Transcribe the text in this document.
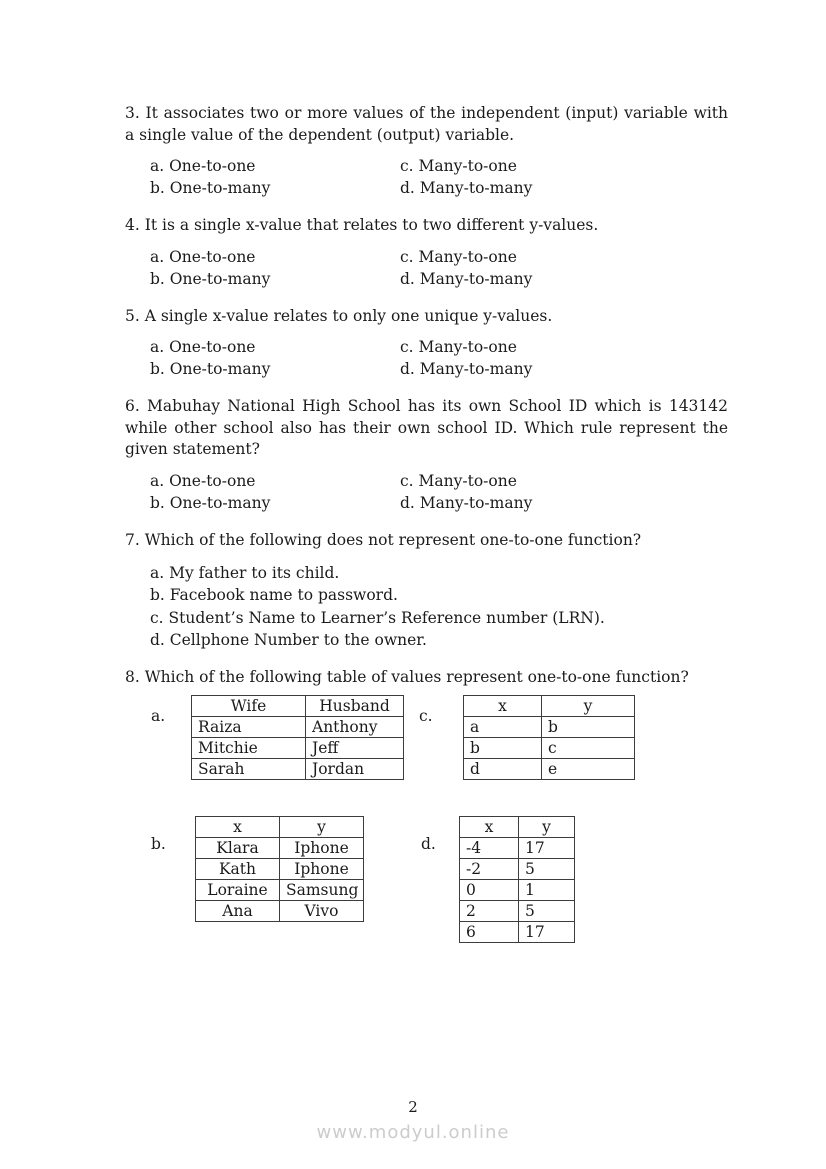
3. It associates two or more values of the independent (input) variable with a single value of the dependent (output) variable.

a. One-to-one	c. Many-to-one
b. One-to-many	d. Many-to-many

4. It is a single x-value that relates to two different y-values.

a. One-to-one	c. Many-to-one
b. One-to-many	d. Many-to-many

5. A single x-value relates to only one unique y-values.

a. One-to-one	c. Many-to-one
b. One-to-many	d. Many-to-many

6. Mabuhay National High School has its own School ID which is 143142 while other school also has their own school ID. Which rule represent the given statement?

a. One-to-one	c. Many-to-one
b. One-to-many	d. Many-to-many

7. Which of the following does not represent one-to-one function?

a. My father to its child.
b. Facebook name to password.
c. Student’s Name to Learner’s Reference number (LRN).
d. Cellphone Number to the owner.

8. Which of the following table of values represent one-to-one function?

a.
Wife	Husband
Raiza	Anthony
Mitchie	Jeff
Sarah	Jordan
c.
x	y
a	b
b	c
d	e
b.
x	y
Klara	Iphone
Kath	Iphone
Loraine	Samsung
Ana	Vivo
d.
x	y
-4	17
-2	5
0	1
2	5
6	17
2
www.modyul.online
